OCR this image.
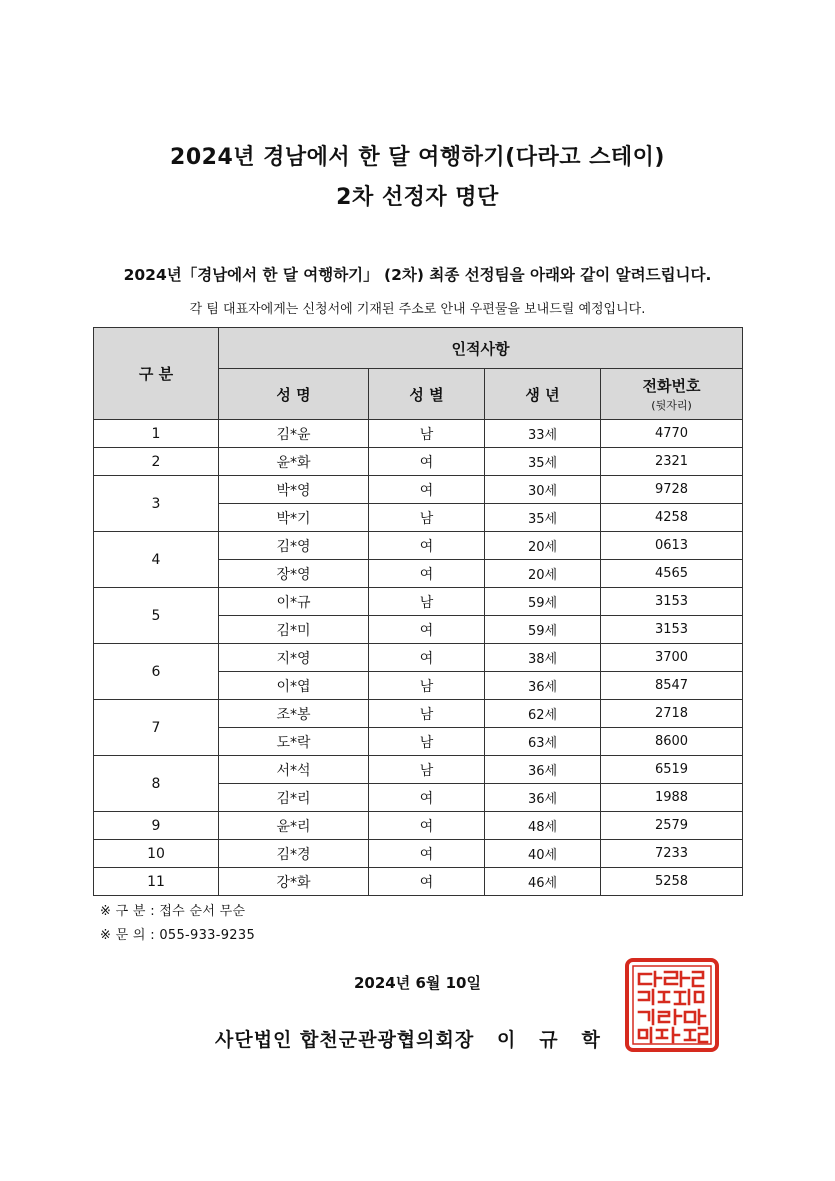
2024년 경남에서 한 달 여행하기(다라고 스테이)
2차 선정자 명단
2024년「경남에서 한 달 여행하기」 (2차) 최종 선정팀을 아래와 같이 알려드립니다.
각 팀 대표자에게는 신청서에 기재된 주소로 안내 우편물을 보내드릴 예정입니다.
구 분	인적사항			
	성 명	성 별	생 년	전화번호
(뒷자리)

1	김*윤	남	33세	4770
2	윤*화	여	35세	2321
3	박*영	여	30세	9728
	박*기	남	35세	4258
4	김*영	여	20세	0613
	장*영	여	20세	4565
5	이*규	남	59세	3153
	김*미	여	59세	3153
6	지*영	여	38세	3700
	이*엽	남	36세	8547
7	조*봉	남	62세	2718
	도*락	남	63세	8600
8	서*석	남	36세	6519
	김*리	여	36세	1988
9	윤*리	여	48세	2579
10	김*경	여	40세	7233
11	강*화	여	46세	5258
※ 구 분 : 접수 순서 무순
※ 문 의 : 055-933-9235
2024년 6월 10일
사단법인 합천군관광협의회장   이   규   학
